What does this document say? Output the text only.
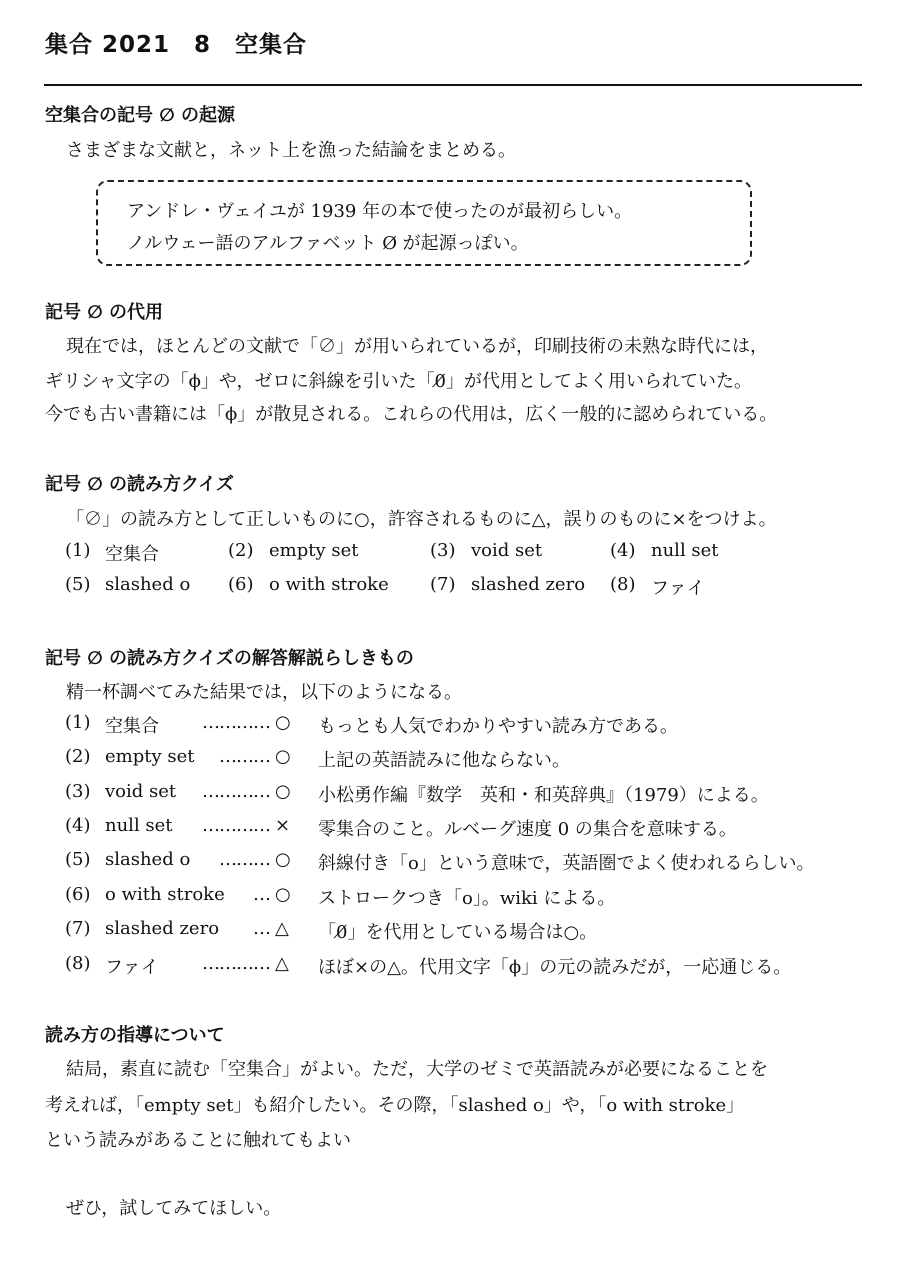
集合 2021　8　空集合
空集合の記号 ∅ の起源
さまざまな文献と，ネット上を漁った結論をまとめる。
アンドレ・ヴェイユが 1939 年の本で使ったのが最初らしい。
ノルウェー語のアルファベット Ø が起源っぽい。
記号 ∅ の代用
現在では，ほとんどの文献で「∅」が用いられているが，印刷技術の未熟な時代には，
ギリシャ文字の「ϕ」や，ゼロに斜線を引いた「0̸」が代用としてよく用いられていた。
今でも古い書籍には「ϕ」が散見される。これらの代用は，広く一般的に認められている。
記号 ∅ の読み方クイズ
「∅」の読み方として正しいものに○，許容されるものに△，誤りのものに×をつけよ。
(1) 空集合	(2) empty set	(3) void set	(4) null set
(5) slashed o (6) o with stroke (7) slashed zero (8) ファイ
記号 ∅ の読み方クイズの解答解説らしきもの
精一杯調べてみた結果では，以下のようになる。
(1) 空集合	………… ○ もっとも人気でわかりやすい読み方である。
(2) empty set	……… ○ 上記の英語読みに他ならない。
(3) void set	………… ○ 小松勇作編『数学　英和・和英辞典』（1979）による。
(4) null set	………… × 零集合のこと。ルベーグ速度 0 の集合を意味する。
(5) slashed o	……… ○ 斜線付き「o」という意味で，英語圏でよく使われるらしい。
(6) o with stroke	… ○ ストロークつき「o」。wiki による。
(7) slashed zero	… △ 「0̸」を代用としている場合は○。
(8) ファイ	………… △ ほぼ×の△。代用文字「ϕ」の元の読みだが，一応通じる。
読み方の指導について
結局，素直に読む「空集合」がよい。ただ，大学のゼミで英語読みが必要になることを
考えれば，「empty set」も紹介したい。その際，「slashed o」や，「o with stroke」
という読みがあることに触れてもよい
ぜひ，試してみてほしい。
